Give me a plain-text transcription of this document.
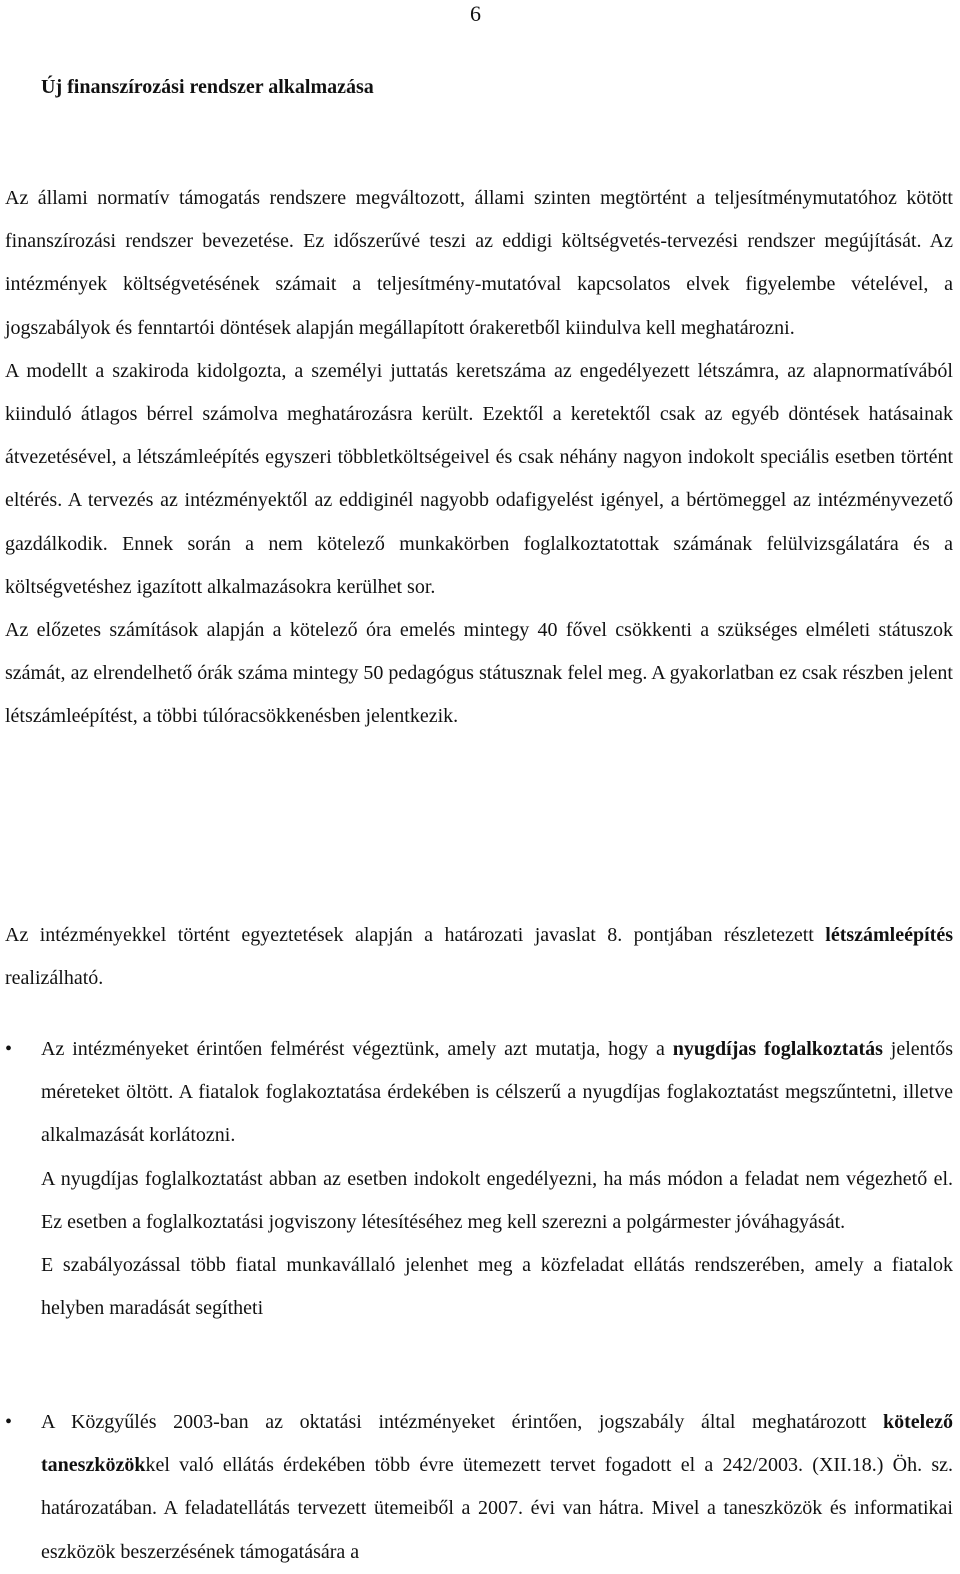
6
Új finanszírozási rendszer alkalmazása

Az állami normatív támogatás rendszere megváltozott, állami szinten megtörtént a teljesítménymutatóhoz kötött finanszírozási rendszer bevezetése. Ez időszerűvé teszi az eddigi költségvetés-tervezési rendszer megújítását. Az intézmények költségvetésének számait a teljesítmény-mutatóval kapcsolatos elvek figyelembe vételével, a jogszabályok és fenntartói döntések alapján megállapított órakeretből kiindulva kell meghatározni.

A modellt a szakiroda kidolgozta, a személyi juttatás keretszáma az engedélyezett létszámra, az alapnormatívából kiinduló átlagos bérrel számolva meghatározásra került. Ezektől a keretektől csak az egyéb döntések hatásainak átvezetésével, a létszámleépítés egyszeri többletköltségeivel és csak néhány nagyon indokolt speciális esetben történt eltérés. A tervezés az intézményektől az eddiginél nagyobb odafigyelést igényel, a bértömeggel az intézményvezető gazdálkodik. Ennek során a nem kötelező munkakörben foglalkoztatottak számának felülvizsgálatára és a költségvetéshez igazított alkalmazásokra kerülhet sor.

Az előzetes számítások alapján a kötelező óra emelés mintegy 40 fővel csökkenti a szükséges elméleti státuszok számát, az elrendelhető órák száma mintegy 50 pedagógus státusznak felel meg. A gyakorlatban ez csak részben jelent létszámleépítést, a többi túlóracsökkenésben jelentkezik.

Az intézményekkel történt egyeztetések alapján a határozati javaslat 8. pontjában részletezett létszámleépítés realizálható.

•	Az intézményeket érintően felmérést végeztünk, amely azt mutatja, hogy a nyugdíjas foglalkoztatás jelentős méreteket öltött. A fiatalok foglakoztatása érdekében is célszerű a nyugdíjas foglakoztatást megszűntetni, illetve alkalmazását korlátozni.

A nyugdíjas foglalkoztatást abban az esetben indokolt engedélyezni, ha más módon a feladat nem végezhető el. Ez esetben a foglalkoztatási jogviszony létesítéséhez meg kell szerezni a polgármester jóváhagyását.

E szabályozással több fiatal munkavállaló jelenhet meg a közfeladat ellátás rendszerében, amely a fiatalok helyben maradását segítheti

•	A Közgyűlés 2003-ban az oktatási intézményeket érintően, jogszabály által meghatározott kötelező taneszközökkel való ellátás érdekében több évre ütemezett tervet fogadott el a 242/2003. (XII.18.) Öh. sz. határozatában. A feladatellátás tervezett ütemeiből a 2007. évi van hátra. Mivel a taneszközök és informatikai eszközök beszerzésének támogatására a
